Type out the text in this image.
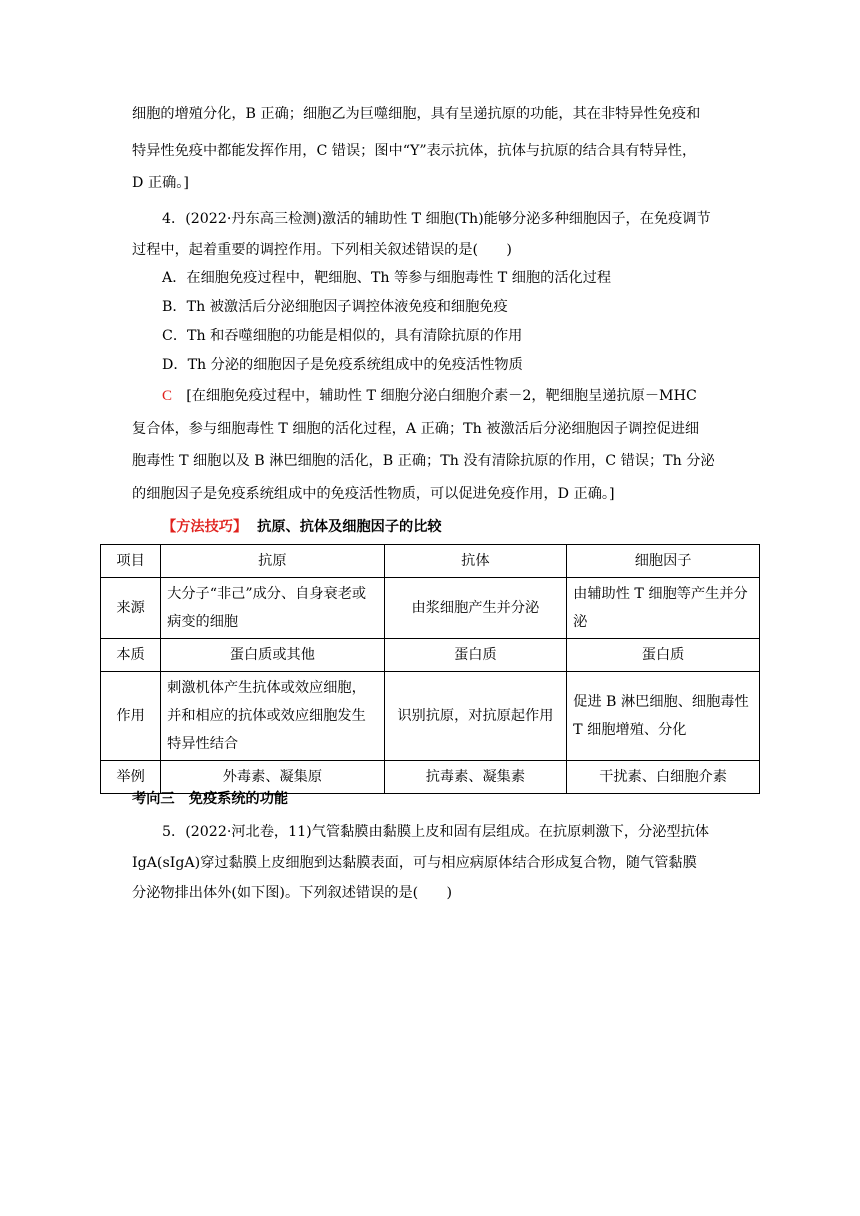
细胞的增殖分化，B 正确；细胞乙为巨噬细胞，具有呈递抗原的功能，其在非特异性免疫和
特异性免疫中都能发挥作用，C 错误；图中“Y”表示抗体，抗体与抗原的结合具有特异性，
D 正确。]
4．(2022·丹东高三检测)激活的辅助性 T 细胞(Th)能够分泌多种细胞因子，在免疫调节
过程中，起着重要的调控作用。下列相关叙述错误的是(　　)
A．在细胞免疫过程中，靶细胞、Th 等参与细胞毒性 T 细胞的活化过程
B．Th 被激活后分泌细胞因子调控体液免疫和细胞免疫
C．Th 和吞噬细胞的功能是相似的，具有清除抗原的作用
D．Th 分泌的细胞因子是免疫系统组成中的免疫活性物质
C　[在细胞免疫过程中，辅助性 T 细胞分泌白细胞介素－2，靶细胞呈递抗原－MHC
复合体，参与细胞毒性 T 细胞的活化过程，A 正确；Th 被激活后分泌细胞因子调控促进细
胞毒性 T 细胞以及 B 淋巴细胞的活化，B 正确；Th 没有清除抗原的作用，C 错误；Th 分泌
的细胞因子是免疫系统组成中的免疫活性物质，可以促进免疫作用，D 正确。]
【方法技巧】 抗原、抗体及细胞因子的比较
项目	抗原	抗体	细胞因子
来源	大分子“非己”成分、自身衰老或病变的细胞	由浆细胞产生并分泌	由辅助性 T 细胞等产生并分泌
本质	蛋白质或其他	蛋白质	蛋白质
作用	刺激机体产生抗体或效应细胞，并和相应的抗体或效应细胞发生特异性结合	识别抗原，对抗原起作用	促进 B 淋巴细胞、细胞毒性 T 细胞增殖、分化
举例	外毒素、凝集原	抗毒素、凝集素	干扰素、白细胞介素
考向三　免疫系统的功能
5．(2022·河北卷，11)气管黏膜由黏膜上皮和固有层组成。在抗原刺激下，分泌型抗体
IgA(sIgA)穿过黏膜上皮细胞到达黏膜表面，可与相应病原体结合形成复合物，随气管黏膜
分泌物排出体外(如下图)。下列叙述错误的是(　　)
